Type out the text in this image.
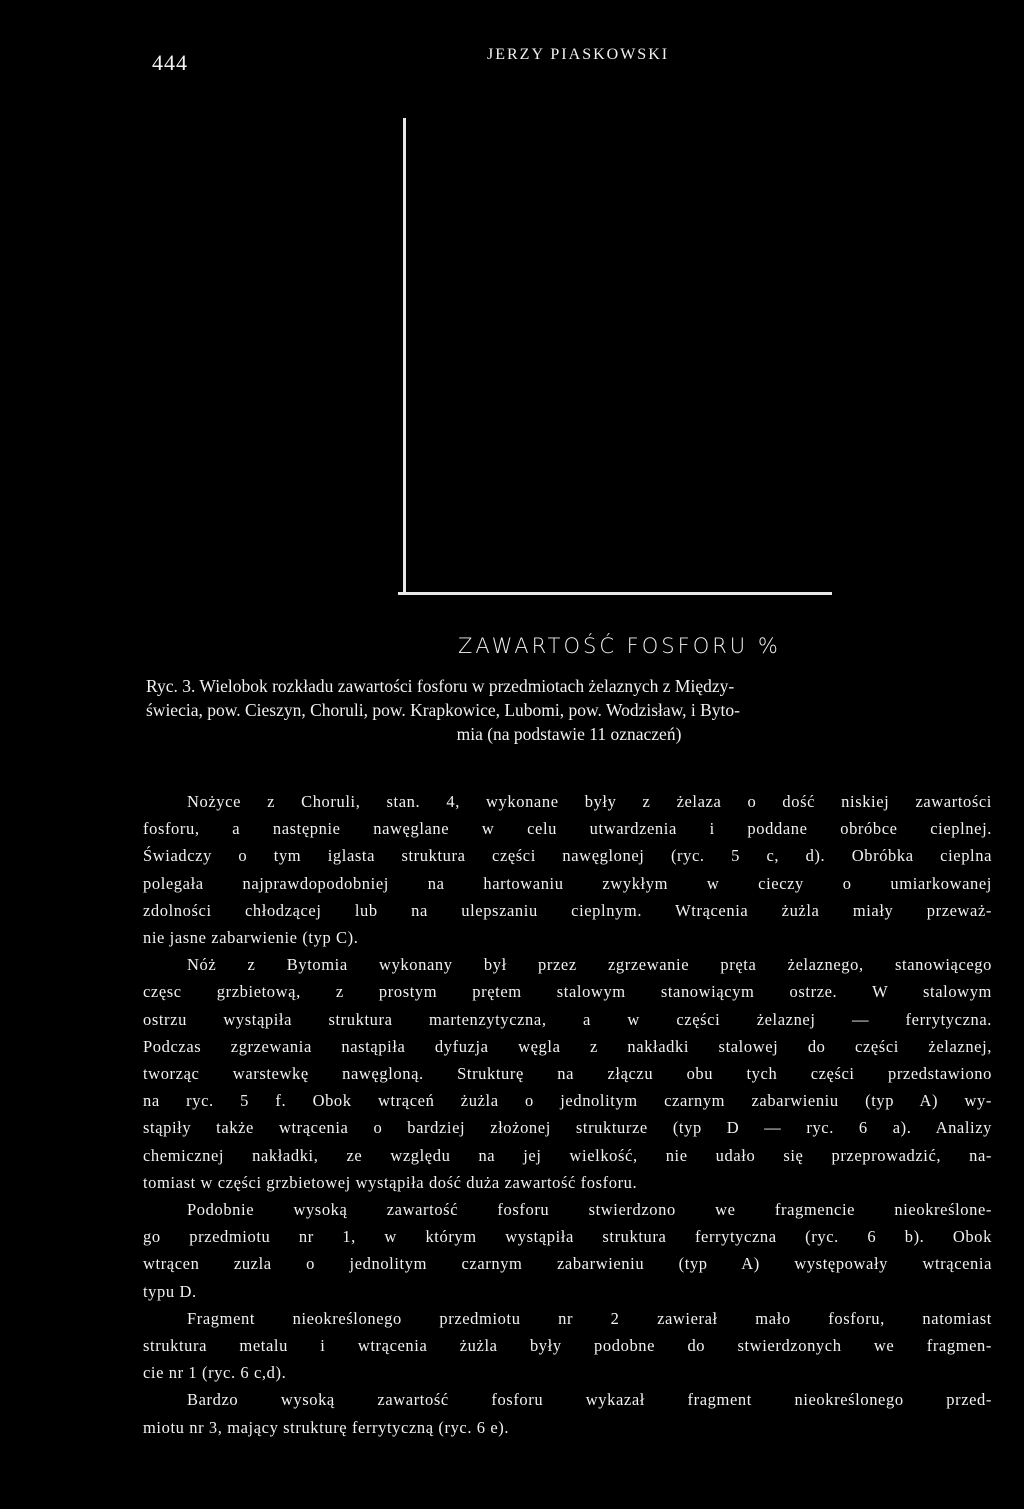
444	JERZY PIASKOWSKI
ZAWARTOŚĆ FOSFORU %
Ryc. 3. Wielobok rozkładu zawartości fosforu w przedmiotach żelaznych z Między-
świecia, pow. Cieszyn, Choruli, pow. Krapkowice, Lubomi, pow. Wodzisław, i Byto-
mia (na podstawie 11 oznaczeń)
Nożyce z Choruli, stan. 4, wykonane były z żelaza o dość niskiej zawartości
fosforu, a następnie nawęglane w celu utwardzenia i poddane obróbce cieplnej.
Świadczy o tym iglasta struktura części nawęglonej (ryc. 5 c, d). Obróbka cieplna
polegała najprawdopodobniej na hartowaniu zwykłym w cieczy o umiarkowanej
zdolności chłodzącej lub na ulepszaniu cieplnym. Wtrącenia żużla miały przeważ-
nie jasne zabarwienie (typ C).
Nóż z Bytomia wykonany był przez zgrzewanie pręta żelaznego, stanowiącego
częsc grzbietową, z prostym prętem stalowym stanowiącym ostrze. W stalowym
ostrzu wystąpiła struktura martenzytyczna, a w części żelaznej — ferrytyczna.
Podczas zgrzewania nastąpiła dyfuzja węgla z nakładki stalowej do części żelaznej,
tworząc warstewkę nawęgloną. Strukturę na złączu obu tych części przedstawiono
na ryc. 5 f. Obok wtrąceń żużla o jednolitym czarnym zabarwieniu (typ A) wy-
stąpiły także wtrącenia o bardziej złożonej strukturze (typ D — ryc. 6 a). Analizy
chemicznej nakładki, ze względu na jej wielkość, nie udało się przeprowadzić, na-
tomiast w części grzbietowej wystąpiła dość duża zawartość fosforu.
Podobnie wysoką zawartość fosforu stwierdzono we fragmencie nieokreślone-
go przedmiotu nr 1, w którym wystąpiła struktura ferrytyczna (ryc. 6 b). Obok
wtrącen zuzla o jednolitym czarnym zabarwieniu (typ A) występowały wtrącenia
typu D.
Fragment nieokreślonego przedmiotu nr 2 zawierał mało fosforu, natomiast
struktura metalu i wtrącenia żużla były podobne do stwierdzonych we fragmen-
cie nr 1 (ryc. 6 c,d).
Bardzo wysoką zawartość fosforu wykazał fragment nieokreślonego przed-
miotu nr 3, mający strukturę ferrytyczną (ryc. 6 e).
